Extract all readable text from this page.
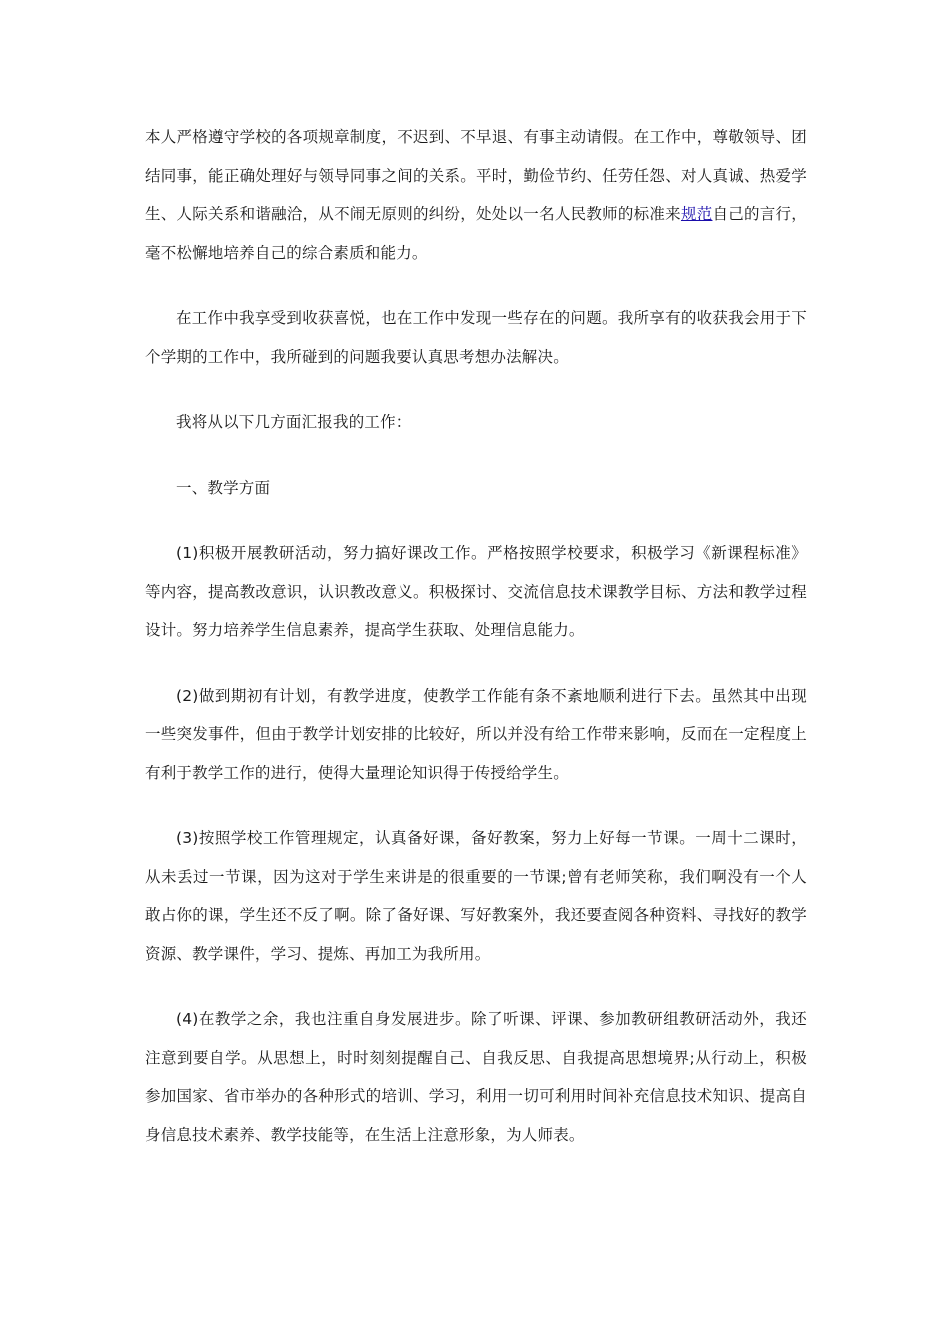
本人严格遵守学校的各项规章制度，不迟到、不早退、有事主动请假。在工作中，尊敬领导、团结同事，能正确处理好与领导同事之间的关系。平时，勤俭节约、任劳任怨、对人真诚、热爱学生、人际关系和谐融洽，从不闹无原则的纠纷，处处以一名人民教师的标准来规范自己的言行，毫不松懈地培养自己的综合素质和能力。

在工作中我享受到收获喜悦，也在工作中发现一些存在的问题。我所享有的收获我会用于下个学期的工作中，我所碰到的问题我要认真思考想办法解决。

我将从以下几方面汇报我的工作：

一、教学方面

(1)积极开展教研活动，努力搞好课改工作。严格按照学校要求，积极学习《新课程标准》等内容，提高教改意识，认识教改意义。积极探讨、交流信息技术课教学目标、方法和教学过程设计。努力培养学生信息素养，提高学生获取、处理信息能力。

(2)做到期初有计划，有教学进度，使教学工作能有条不紊地顺利进行下去。虽然其中出现一些突发事件，但由于教学计划安排的比较好，所以并没有给工作带来影响，反而在一定程度上有利于教学工作的进行，使得大量理论知识得于传授给学生。

(3)按照学校工作管理规定，认真备好课，备好教案，努力上好每一节课。一周十二课时，从未丢过一节课，因为这对于学生来讲是的很重要的一节课;曾有老师笑称，我们啊没有一个人敢占你的课，学生还不反了啊。除了备好课、写好教案外，我还要查阅各种资料、寻找好的教学资源、教学课件，学习、提炼、再加工为我所用。

(4)在教学之余，我也注重自身发展进步。除了听课、评课、参加教研组教研活动外，我还注意到要自学。从思想上，时时刻刻提醒自己、自我反思、自我提高思想境界;从行动上，积极参加国家、省市举办的各种形式的培训、学习，利用一切可利用时间补充信息技术知识、提高自身信息技术素养、教学技能等，在生活上注意形象，为人师表。
